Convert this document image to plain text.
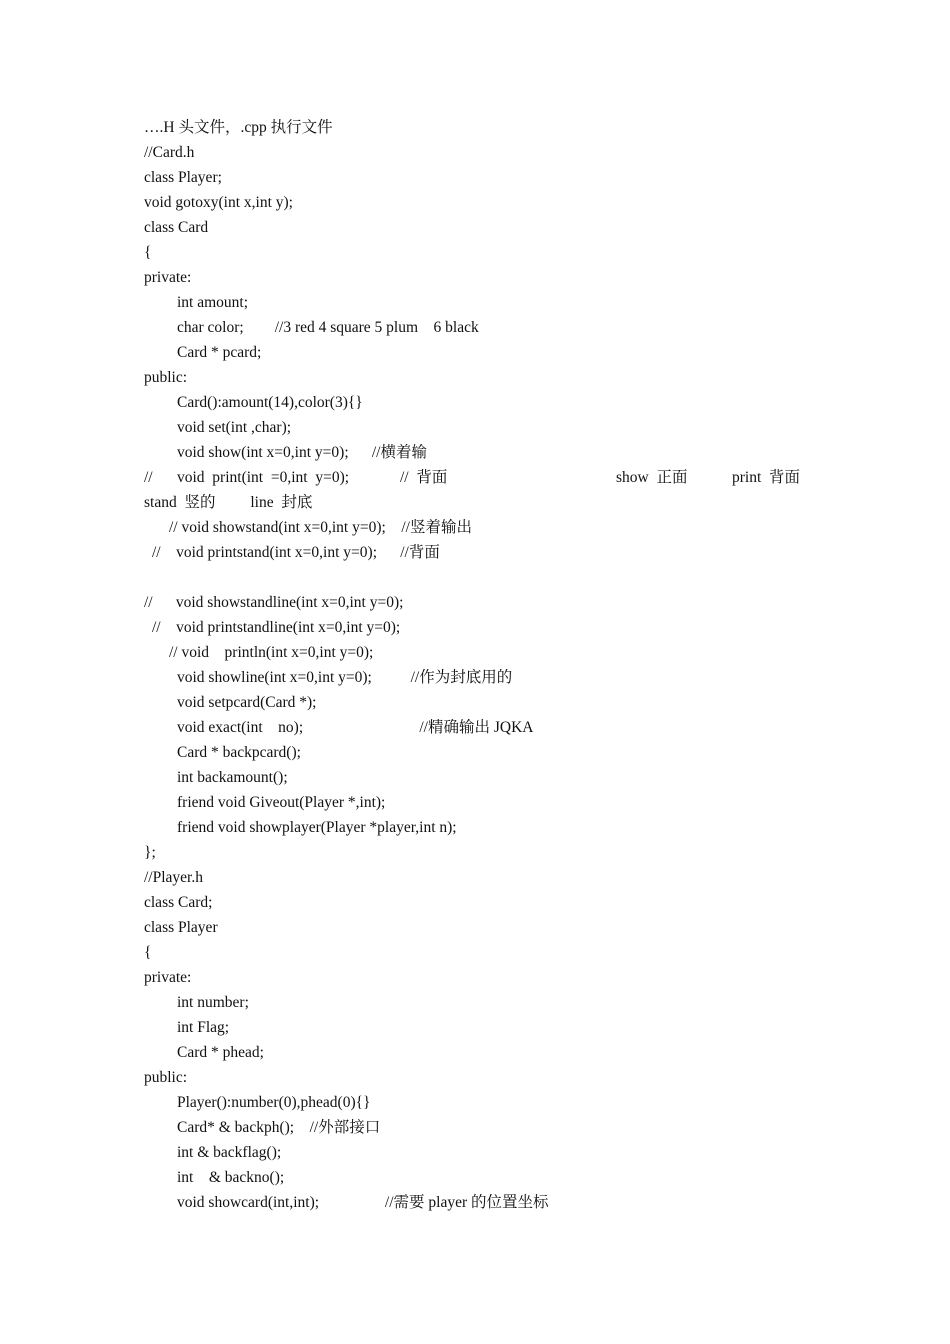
….H 头文件，.cpp 执行文件
//Card.h
class Player;
void gotoxy(int x,int y);
class Card
{
private:
int amount;
char color;        //3 red 4 square 5 plum    6 black
Card * pcard;
public:
Card():amount(14),color(3){}
void set(int ,char);
void show(int x=0,int y=0);      //横着输

//

void  print(int  =0,int  y=0);

	//  背面

	show  正面

	print  背面

stand  竖的         line  封底
// void showstand(int x=0,int y=0);    //竖着输出
//    void printstand(int x=0,int y=0);      //背面
//      void showstandline(int x=0,int y=0);
//    void printstandline(int x=0,int y=0);
// void    println(int x=0,int y=0);
void showline(int x=0,int y=0);          //作为封底用的
void setpcard(Card *);
void exact(int    no);                              //精确输出 JQKA
Card * backpcard();
int backamount();
friend void Giveout(Player *,int);
friend void showplayer(Player *player,int n);
};
//Player.h
class Card;
class Player
{
private:
int number;
int Flag;
Card * phead;
public:
Player():number(0),phead(0){}
Card* & backph();    //外部接口
int & backflag();
int    & backno();
void showcard(int,int);                 //需要 player 的位置坐标
